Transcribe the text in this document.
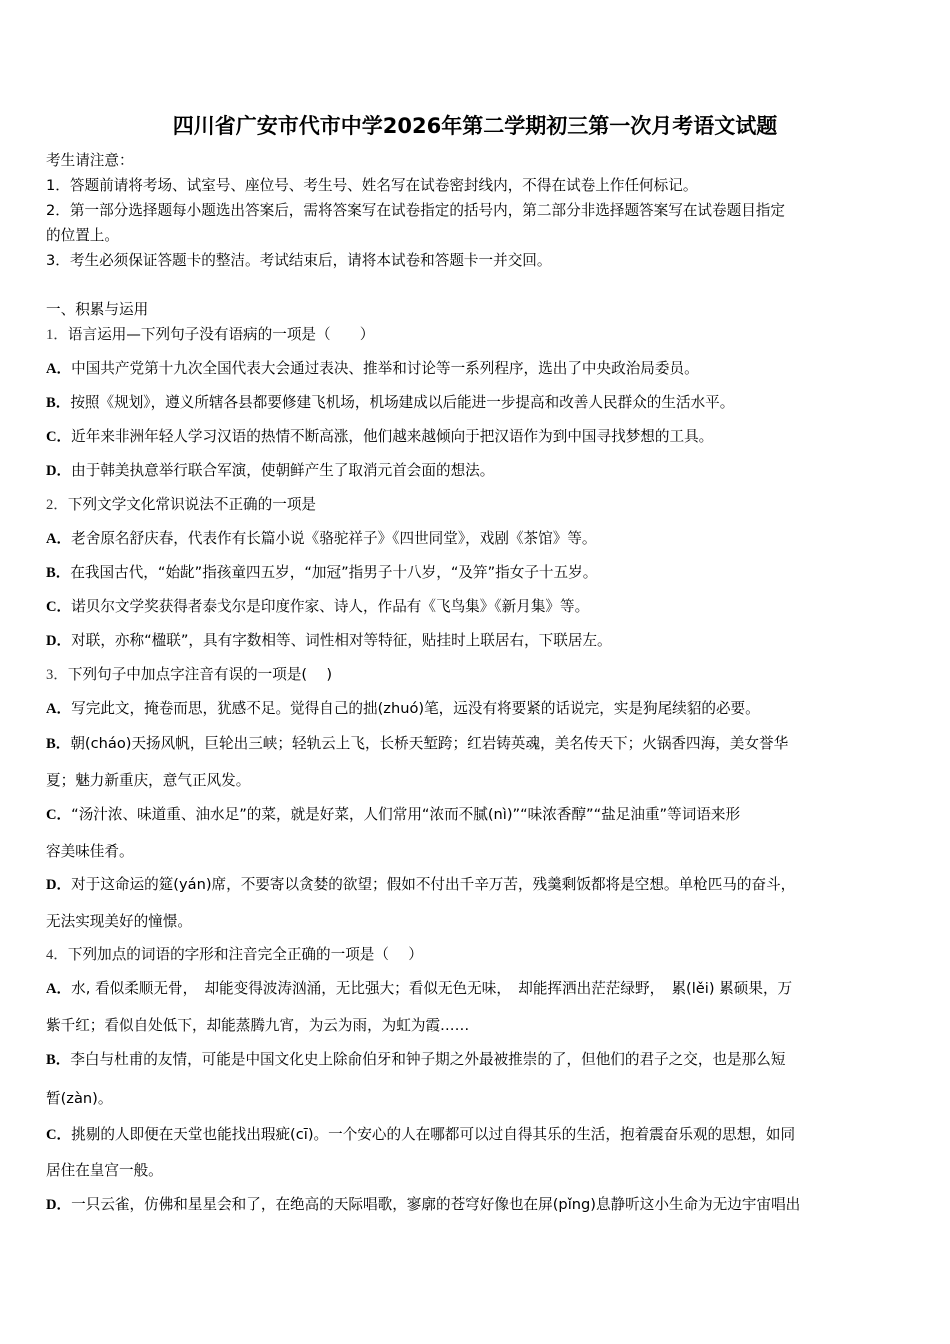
四川省广安市代市中学2026年第二学期初三第一次月考语文试题
考生请注意：
1．答题前请将考场、试室号、座位号、考生号、姓名写在试卷密封线内，不得在试卷上作任何标记。
2．第一部分选择题每小题选出答案后，需将答案写在试卷指定的括号内，第二部分非选择题答案写在试卷题目指定
的位置上。
3．考生必须保证答题卡的整洁。考试结束后，请将本试卷和答题卡一并交回。
一、积累与运用
1．语言运用—下列句子没有语病的一项是（　　）
A．中国共产党第十九次全国代表大会通过表决、推举和讨论等一系列程序，选出了中央政治局委员。
B．按照《规划》，遵义所辖各县都要修建飞机场，机场建成以后能进一步提高和改善人民群众的生活水平。
C．近年来非洲年轻人学习汉语的热情不断高涨，他们越来越倾向于把汉语作为到中国寻找梦想的工具。
D．由于韩美执意举行联合军演，使朝鲜产生了取消元首会面的想法。
2．下列文学文化常识说法不正确的一项是
A．老舍原名舒庆春，代表作有长篇小说《骆驼祥子》《四世同堂》，戏剧《茶馆》等。
B．在我国古代，“始龀”指孩童四五岁，“加冠”指男子十八岁，“及笄”指女子十五岁。
C．诺贝尔文学奖获得者泰戈尔是印度作家、诗人，作品有《飞鸟集》《新月集》等。
D．对联，亦称“楹联”，具有字数相等、词性相对等特征，贴挂时上联居右，下联居左。
3．下列句子中加点字注音有误的一项是(　 )
A．写完此文，掩卷而思，犹感不足。觉得自己的拙(zhuó)笔，远没有将要紧的话说完，实是狗尾续貂的必要。
B．朝(cháo)天扬风帆，巨轮出三峡；轻轨云上飞，长桥天堑跨；红岩铸英魂，美名传天下；火锅香四海，美女誉华
夏；魅力新重庆，意气正风发。
C．“汤汁浓、味道重、油水足”的菜，就是好菜，人们常用“浓而不腻(nì)”“味浓香醇”“盐足油重”等词语来形
容美味佳肴。
D．对于这命运的筵(yán)席，不要寄以贪婪的欲望；假如不付出千辛万苦，残羹剩饭都将是空想。单枪匹马的奋斗，
无法实现美好的憧憬。
4．下列加点的词语的字形和注音完全正确的一项是（　 ）
A．水, 看似柔顺无骨，　却能变得波涛汹涌，无比强大；看似无色无味，　却能挥洒出茫茫绿野，　累(lěi) 累硕果，万
紫千红；看似自处低下，却能蒸腾九宵，为云为雨，为虹为霞……
B．李白与杜甫的友情，可能是中国文化史上除俞伯牙和钟子期之外最被推崇的了，但他们的君子之交，也是那么短
暂(zàn)。
C．挑剔的人即便在天堂也能找出瑕疵(cī)。一个安心的人在哪都可以过自得其乐的生活，抱着震奋乐观的思想，如同
居住在皇宫一般。
D．一只云雀，仿佛和星星会和了，在绝高的天际唱歌，寥廓的苍穹好像也在屏(pǐng)息静听这小生命为无边宇宙唱出
